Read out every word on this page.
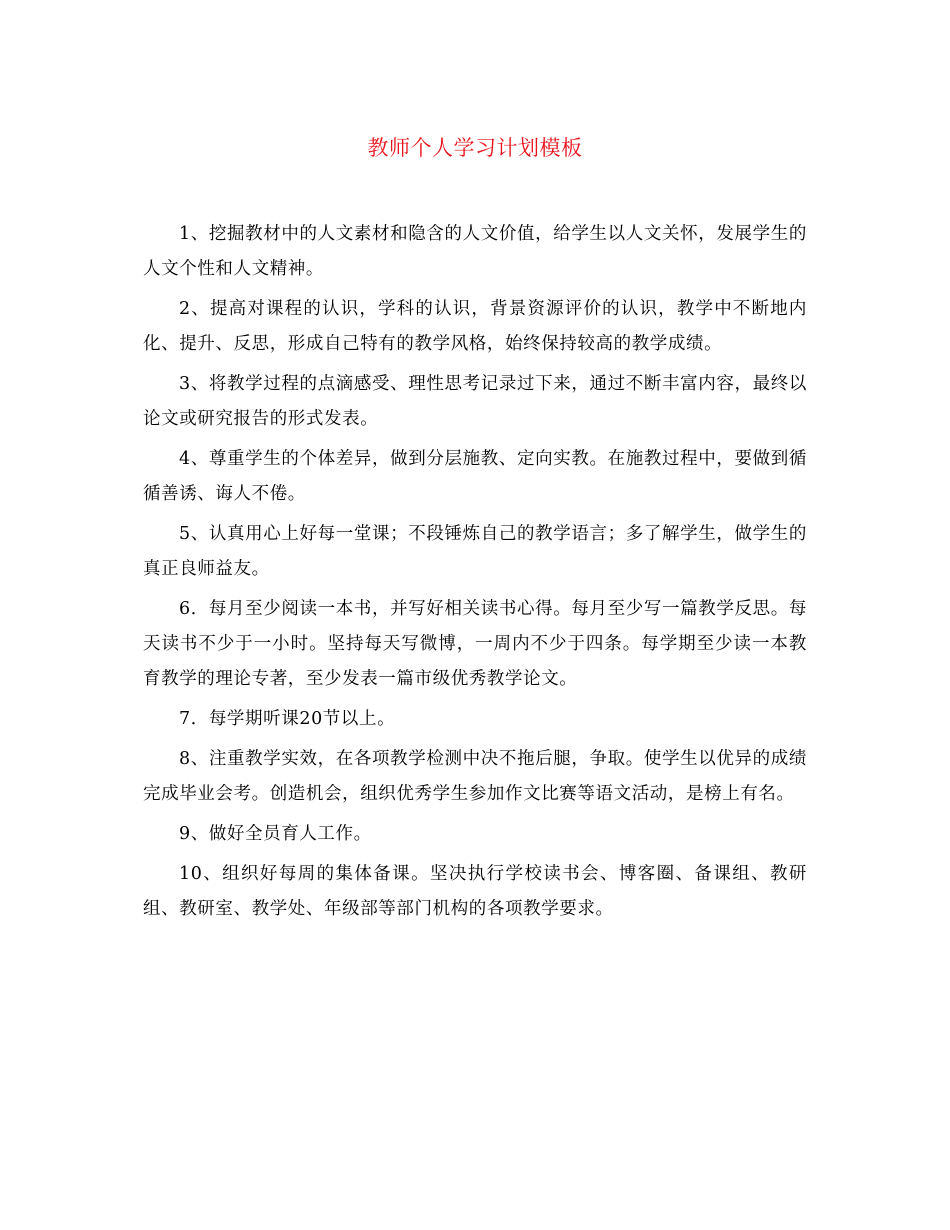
教师个人学习计划模板

1、挖掘教材中的人文素材和隐含的人文价值，给学生以人文关怀，发展学生的人文个性和人文精神。

2、提高对课程的认识，学科的认识，背景资源评价的认识，教学中不断地内化、提升、反思，形成自己特有的教学风格，始终保持较高的教学成绩。

3、将教学过程的点滴感受、理性思考记录过下来，通过不断丰富内容，最终以论文或研究报告的形式发表。

4、尊重学生的个体差异，做到分层施教、定向实教。在施教过程中，要做到循循善诱、诲人不倦。

5、认真用心上好每一堂课；不段锤炼自己的教学语言；多了解学生，做学生的真正良师益友。

6．每月至少阅读一本书，并写好相关读书心得。每月至少写一篇教学反思。每天读书不少于一小时。坚持每天写微博，一周内不少于四条。每学期至少读一本教育教学的理论专著，至少发表一篇市级优秀教学论文。

7．每学期听课20节以上。

8、注重教学实效，在各项教学检测中决不拖后腿，争取。使学生以优异的成绩完成毕业会考。创造机会，组织优秀学生参加作文比赛等语文活动，是榜上有名。

9、做好全员育人工作。

10、组织好每周的集体备课。坚决执行学校读书会、博客圈、备课组、教研组、教研室、教学处、年级部等部门机构的各项教学要求。
